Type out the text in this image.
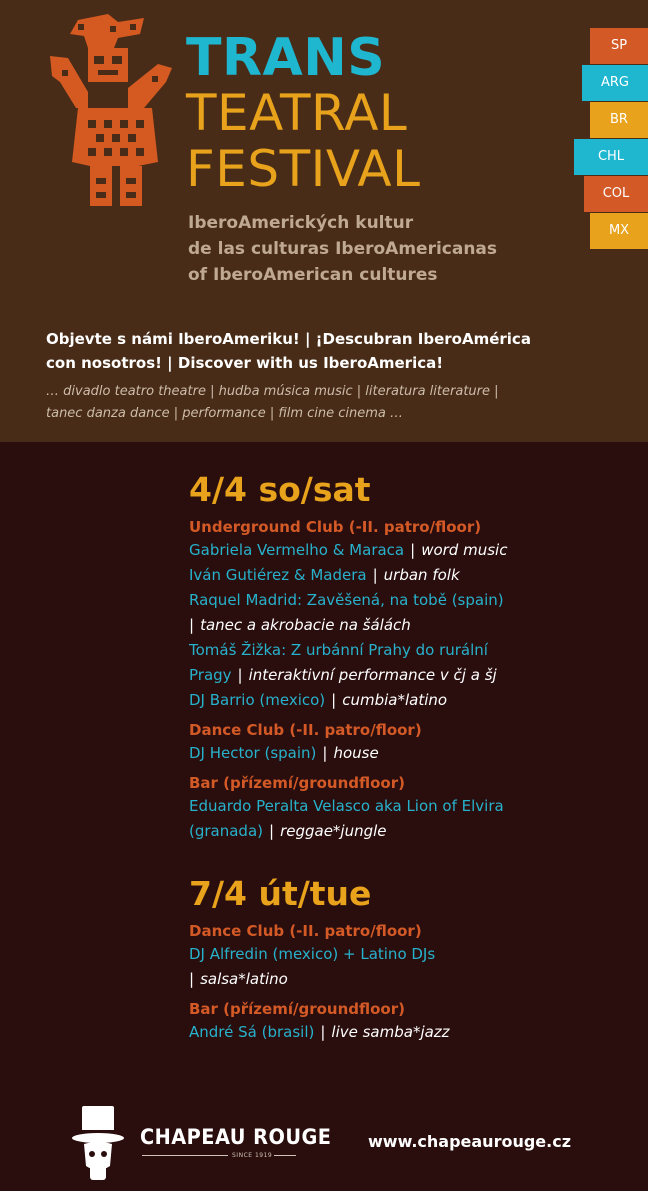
TRANS
TEATRAL
FESTIVAL
IberoAmerických kultur
de las culturas IberoAmericanas
of IberoAmerican cultures
SP
ARG
BR
CHL
COL
MX
Objevte s námi IberoAmeriku! | ¡Descubran IberoAmérica
con nosotros! | Discover with us IberoAmerica!
… divadlo teatro theatre | hudba música music | literatura literature |
tanec danza dance | performance | film cine cinema …
4/4 so/sat
Underground Club (-II. patro/floor)
Gabriela Vermelho & Maraca | word music
Iván Gutiérez & Madera | urban folk
Raquel Madrid: Zavěšená, na tobě (spain)
| tanec a akrobacie na šálách
Tomáš Žižka: Z urbánní Prahy do rurální
Pragy | interaktivní performance v čj a šj
DJ Barrio (mexico) | cumbia*latino
Dance Club (-II. patro/floor)
DJ Hector (spain) | house
Bar (přízemí/groundfloor)
Eduardo Peralta Velasco aka Lion of Elvira
(granada) | reggae*jungle
7/4 út/tue
Dance Club (-II. patro/floor)
DJ Alfredin (mexico) + Latino DJs
| salsa*latino
Bar (přízemí/groundfloor)
André Sá (brasil) | live samba*jazz
CHAPEAU ROUGE
SINCE 1919
www.chapeaurouge.cz
